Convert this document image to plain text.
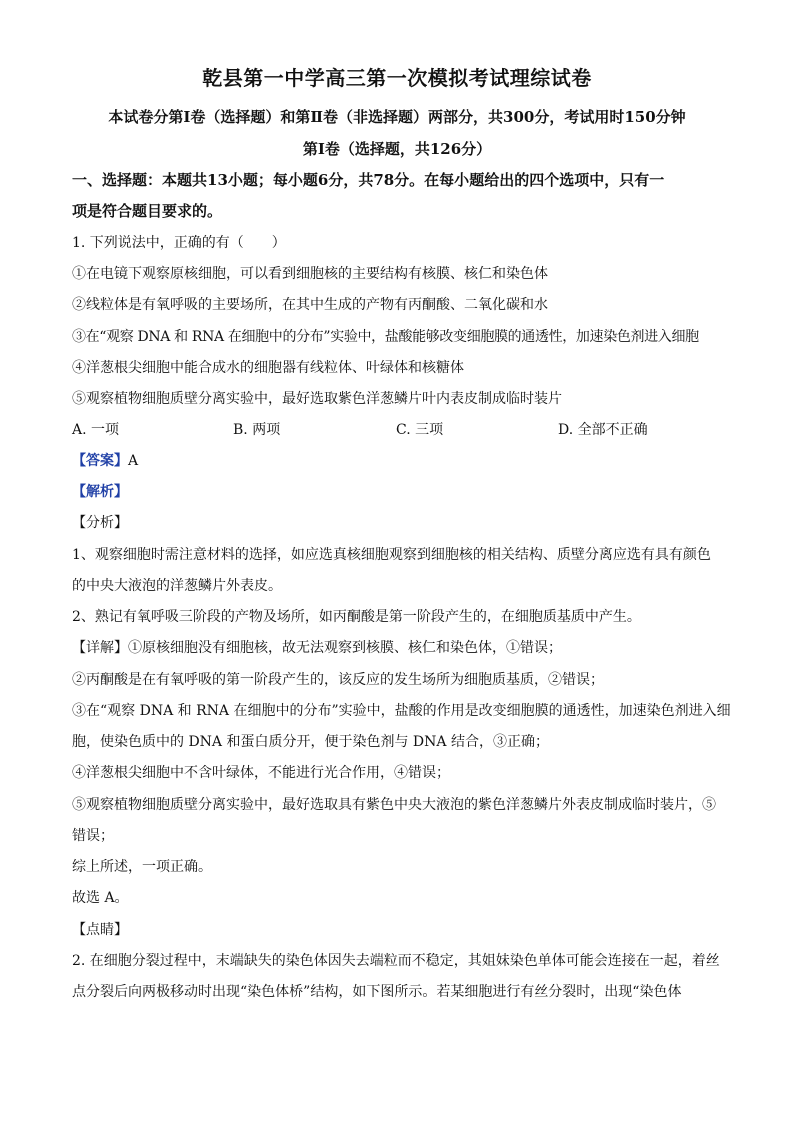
乾县第一中学高三第一次模拟考试理综试卷
本试卷分第Ⅰ卷（选择题）和第Ⅱ卷（非选择题）两部分，共300分，考试用时150分钟
第Ⅰ卷（选择题，共126分）
一、选择题：本题共13小题；每小题6分，共78分。在每小题给出的四个选项中，只有一
项是符合题目要求的。
1. 下列说法中，正确的有（　　）
①在电镜下观察原核细胞，可以看到细胞核的主要结构有核膜、核仁和染色体
②线粒体是有氧呼吸的主要场所，在其中生成的产物有丙酮酸、二氧化碳和水
③在“观察 DNA 和 RNA 在细胞中的分布”实验中，盐酸能够改变细胞膜的通透性，加速染色剂进入细胞
④洋葱根尖细胞中能合成水的细胞器有线粒体、叶绿体和核糖体
⑤观察植物细胞质壁分离实验中，最好选取紫色洋葱鳞片叶内表皮制成临时装片
A. 一项	B. 两项	C. 三项	D. 全部不正确
【答案】A
【解析】
【分析】
1、观察细胞时需注意材料的选择，如应选真核细胞观察到细胞核的相关结构、质壁分离应选有具有颜色
的中央大液泡的洋葱鳞片外表皮。
2、熟记有氧呼吸三阶段的产物及场所，如丙酮酸是第一阶段产生的，在细胞质基质中产生。
【详解】①原核细胞没有细胞核，故无法观察到核膜、核仁和染色体，①错误；
②丙酮酸是在有氧呼吸的第一阶段产生的，该反应的发生场所为细胞质基质，②错误；
③在“观察 DNA 和 RNA 在细胞中的分布”实验中，盐酸的作用是改变细胞膜的通透性，加速染色剂进入细
胞，使染色质中的 DNA 和蛋白质分开，便于染色剂与 DNA 结合，③正确；
④洋葱根尖细胞中不含叶绿体，不能进行光合作用，④错误；
⑤观察植物细胞质壁分离实验中，最好选取具有紫色中央大液泡的紫色洋葱鳞片外表皮制成临时装片，⑤
错误；
综上所述，一项正确。
故选 A。
【点睛】
2. 在细胞分裂过程中，末端缺失的染色体因失去端粒而不稳定，其姐妹染色单体可能会连接在一起，着丝
点分裂后向两极移动时出现“染色体桥”结构，如下图所示。若某细胞进行有丝分裂时，出现“染色体
